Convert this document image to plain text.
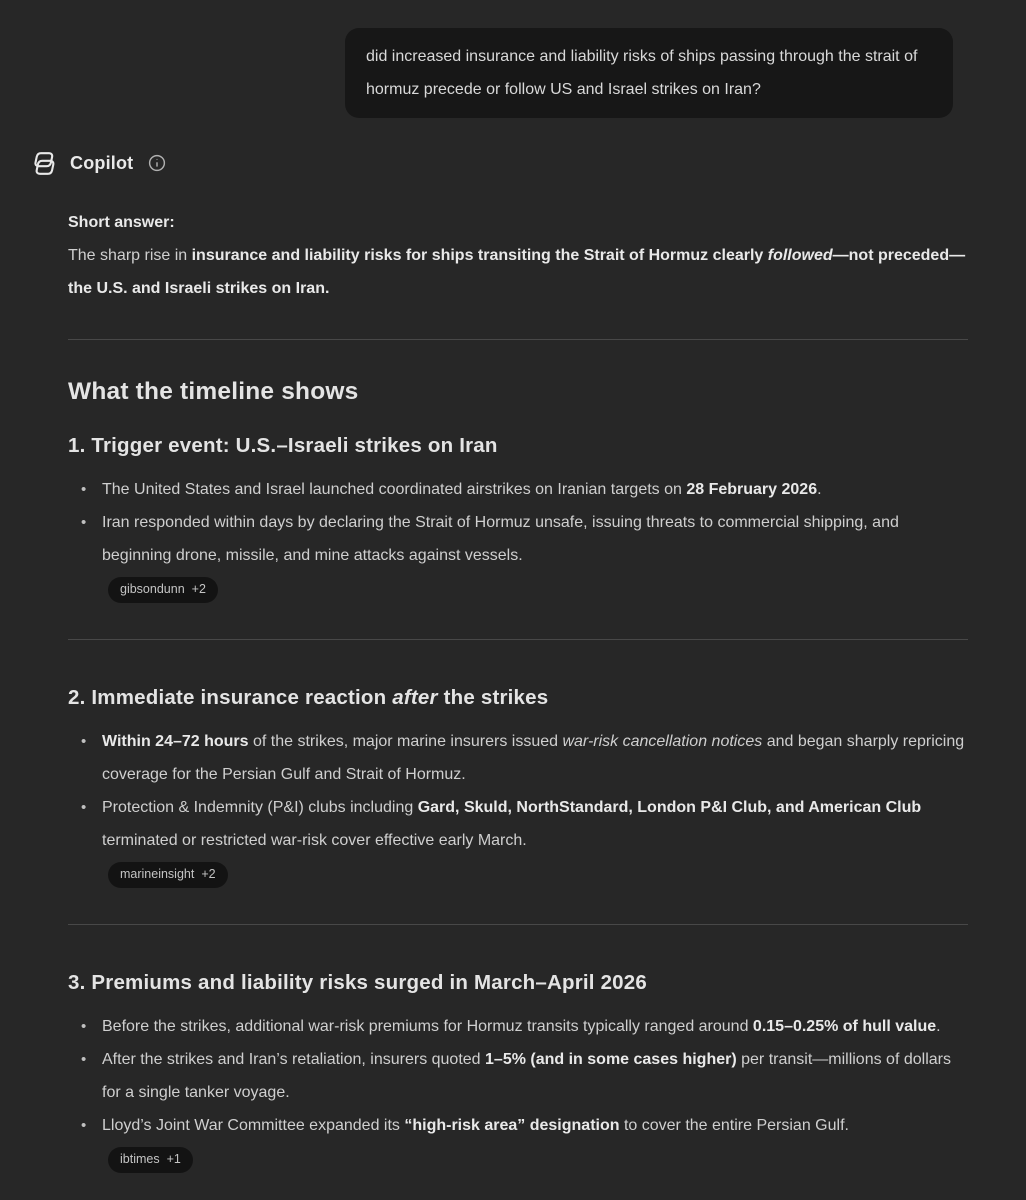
did increased insurance and liability risks of ships passing through the strait of hormuz precede or follow US and Israel strikes on Iran?
Copilot

Short answer:

The sharp rise in insurance and liability risks for ships transiting the Strait of Hormuz clearly followed—not preceded—the U.S. and Israeli strikes on Iran.

What the timeline shows
1. Trigger event: U.S.–Israeli strikes on Iran
• The United States and Israel launched coordinated airstrikes on Iranian targets on 28 February 2026.
• Iran responded within days by declaring the Strait of Hormuz unsafe, issuing threats to commercial shipping, and beginning drone, missile, and mine attacks against vessels.
gibsondunn +2
2. Immediate insurance reaction after the strikes
• Within 24–72 hours of the strikes, major marine insurers issued war-risk cancellation notices and began sharply repricing coverage for the Persian Gulf and Strait of Hormuz.
• Protection & Indemnity (P&I) clubs including Gard, Skuld, NorthStandard, London P&I Club, and American Club terminated or restricted war-risk cover effective early March.
marineinsight +2
3. Premiums and liability risks surged in March–April 2026
• Before the strikes, additional war-risk premiums for Hormuz transits typically ranged around 0.15–0.25% of hull value.
• After the strikes and Iran’s retaliation, insurers quoted 1–5% (and in some cases higher) per transit—millions of dollars for a single tanker voyage.
• Lloyd’s Joint War Committee expanded its “high-risk area” designation to cover the entire Persian Gulf.
ibtimes +1
